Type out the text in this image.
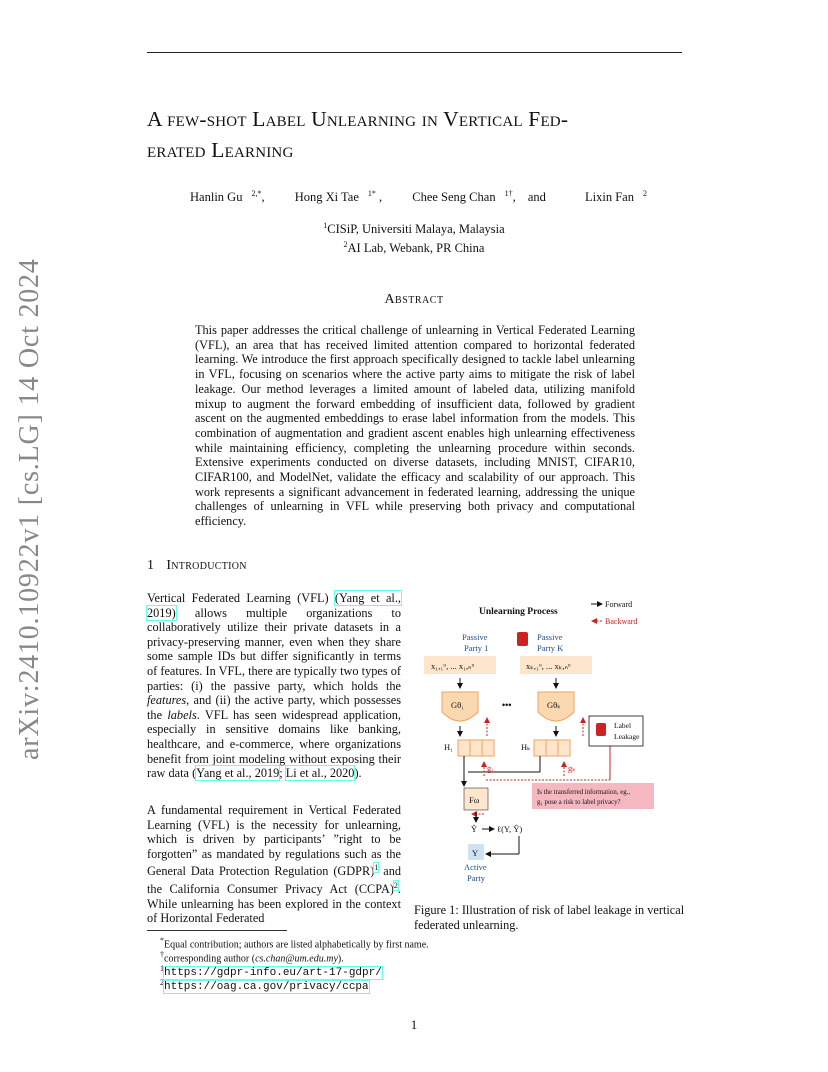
arXiv:2410.10922v1 [cs.LG] 14 Oct 2024
A few-shot Label Unlearning in Vertical Fed-
erated Learning
Hanlin Gu $^{2,*}$, Hong Xi Tae $^{1*}$ , Chee Seng Chan $^{1\dagger}$, and	Lixin Fan $^2$
$^1$CISiP, Universiti Malaya, Malaysia
$^2$AI Lab, Webank, PR China
Abstract
This paper addresses the critical challenge of unlearning in Vertical Federated Learning (VFL), an area that has received limited attention compared to horizontal federated learning. We introduce the first approach specifically designed to tackle label unlearning in VFL, focusing on scenarios where the active party aims to mitigate the risk of label leakage. Our method leverages a limited amount of labeled data, utilizing manifold mixup to augment the forward embedding of insufficient data, followed by gradient ascent on the augmented embeddings to erase label information from the models. This combination of augmentation and gradient ascent enables high unlearning effectiveness while maintaining efficiency, completing the unlearning procedure within seconds. Extensive experiments conducted on diverse datasets, including MNIST, CIFAR10, CIFAR100, and ModelNet, validate the efficacy and scalability of our approach. This work represents a significant advancement in federated learning, addressing the unique challenges of unlearning in VFL while preserving both privacy and computational efficiency.
1 Introduction
Vertical Federated Learning (VFL) (Yang et al., 2019) allows multiple organizations to collaboratively utilize their private datasets in a privacy-preserving manner, even when they share some sample IDs but differ significantly in terms of features. In VFL, there are typically two types of parties: (i) the passive party, which holds the features, and (ii) the active party, which possesses the labels. VFL has seen widespread application, especially in sensitive domains like banking, healthcare, and e-commerce, where organizations benefit from joint modeling without exposing their raw data (Yang et al., 2019; Li et al., 2020).
A fundamental requirement in Vertical Federated Learning (VFL) is the necessity for unlearning, which is driven by participants’ ”right to be forgotten” as mandated by regulations such as the General Data Protection Regulation (GDPR)$^1$ and the California Consumer Privacy Act (CCPA)$^2$. While unlearning has been explored in the context of Horizontal Federated
Unlearning Process
Forward
Backward
Passive
Party 1
Passive
Party K
x₁,₁ᵘ, ... x₁,ₙᵘ	xₖ,₁ᵘ, ... xₖ,ₙᵘ
Gθ₁	Gθₖ
•••
H₁	Hₖ
g₁	gₖ
Label
Leakage
Is the transferred information, eg.,
g₁ pose a risk to label privacy?
Fω
Ŷ ℓ(Y, Ŷ)
Y
Active
Party
Figure 1: Illustration of risk of label leakage in vertical federated unlearning.
*Equal contribution; authors are listed alphabetically by first name.
†corresponding author (cs.chan@um.edu.my).
$^1$https://gdpr-info.eu/art-17-gdpr/
$^2$https://oag.ca.gov/privacy/ccpa
1
